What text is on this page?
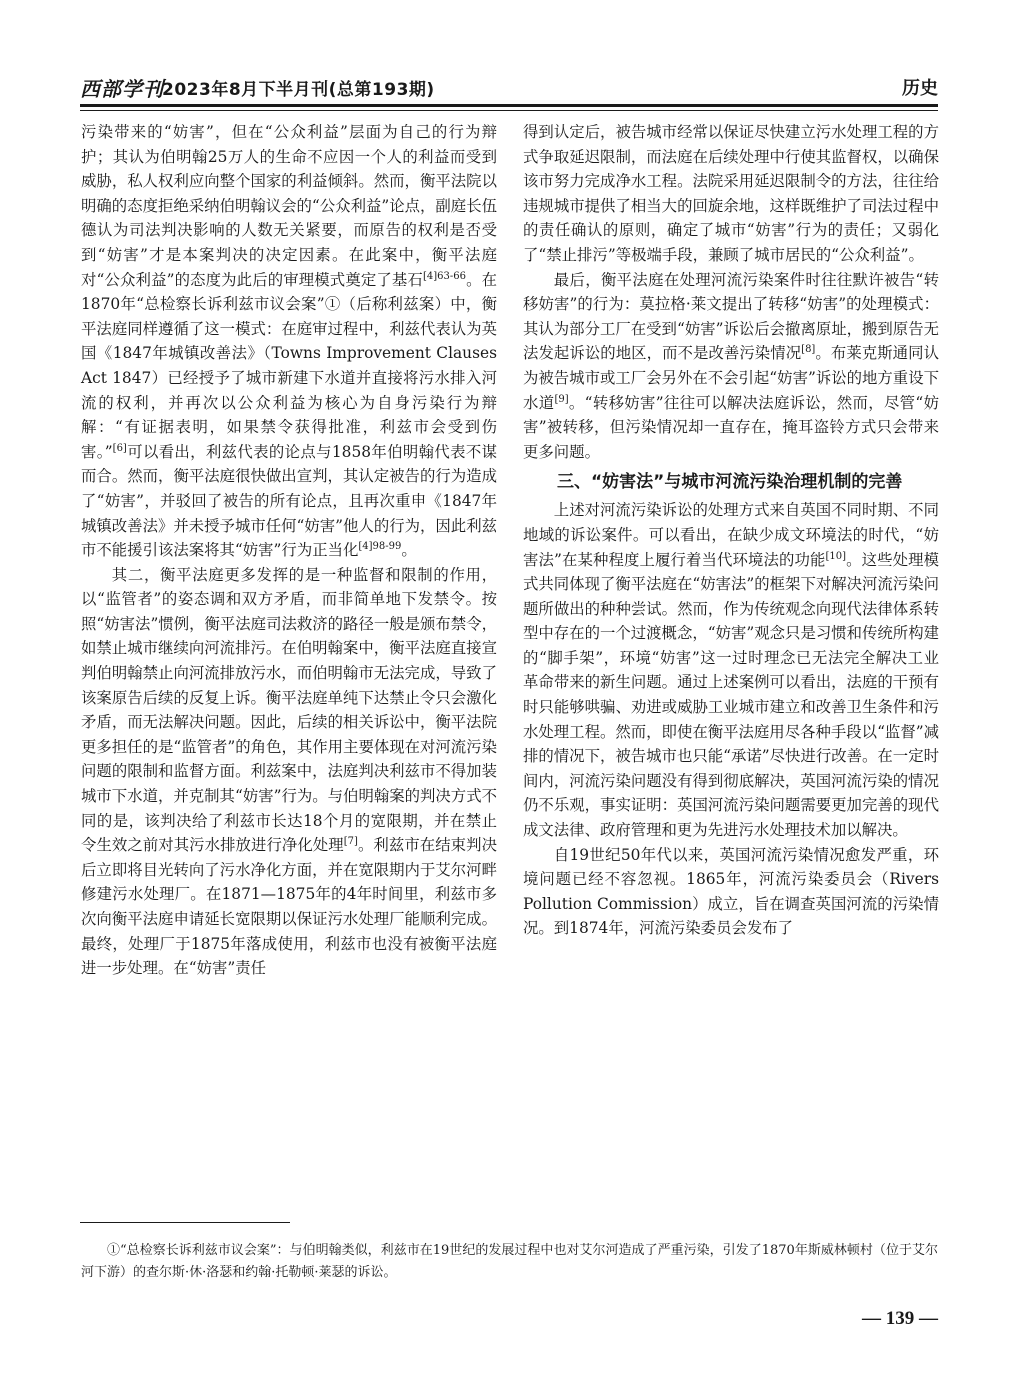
西部学刊
2023年8月下半月刊(总第193期)	历史

污染带来的“妨害”，但在“公众利益”层面为自己的行为辩护；其认为伯明翰25万人的生命不应因一个人的利益而受到威胁，私人权利应向整个国家的利益倾斜。然而，衡平法院以明确的态度拒绝采纳伯明翰议会的“公众利益”论点，副庭长伍德认为司法判决影响的人数无关紧要，而原告的权利是否受到“妨害”才是本案判决的决定因素。在此案中，衡平法庭对“公众利益”的态度为此后的审理模式奠定了基石$^{[4]63-66}$。在1870年“总检察长诉利兹市议会案”①（后称利兹案）中，衡平法庭同样遵循了这一模式：在庭审过程中，利兹代表认为英国《1847年城镇改善法》（Towns Improvement Clauses Act 1847）已经授予了城市新建下水道并直接将污水排入河流的权利，并再次以公众利益为核心为自身污染行为辩解：“有证据表明，如果禁令获得批准，利兹市会受到伤害。”[6]可以看出，利兹代表的论点与1858年伯明翰代表不谋而合。然而，衡平法庭很快做出宣判，其认定被告的行为造成了“妨害”，并驳回了被告的所有论点，且再次重申《1847年城镇改善法》并未授予城市任何“妨害”他人的行为，因此利兹市不能援引该法案将其“妨害”行为正当化$^{[4]98-99}$。

其二，衡平法庭更多发挥的是一种监督和限制的作用，以“监管者”的姿态调和双方矛盾，而非简单地下发禁令。按照“妨害法”惯例，衡平法庭司法救济的路径一般是颁布禁令，如禁止城市继续向河流排污。在伯明翰案中，衡平法庭直接宣判伯明翰禁止向河流排放污水，而伯明翰市无法完成，导致了该案原告后续的反复上诉。衡平法庭单纯下达禁止令只会激化矛盾，而无法解决问题。因此，后续的相关诉讼中，衡平法院更多担任的是“监管者”的角色，其作用主要体现在对河流污染问题的限制和监督方面。利兹案中，法庭判决利兹市不得加装城市下水道，并克制其“妨害”行为。与伯明翰案的判决方式不同的是，该判决给了利兹市长达18个月的宽限期，并在禁止令生效之前对其污水排放进行净化处理[7]。利兹市在结束判决后立即将目光转向了污水净化方面，并在宽限期内于艾尔河畔修建污水处理厂。在1871—1875年的4年时间里，利兹市多次向衡平法庭申请延长宽限期以保证污水处理厂能顺利完成。最终，处理厂于1875年落成使用，利兹市也没有被衡平法庭进一步处理。在“妨害”责任

得到认定后，被告城市经常以保证尽快建立污水处理工程的方式争取延迟限制，而法庭在后续处理中行使其监督权，以确保该市努力完成净水工程。法院采用延迟限制令的方法，往往给违规城市提供了相当大的回旋余地，这样既维护了司法过程中的责任确认的原则，确定了城市“妨害”行为的责任；又弱化了“禁止排污”等极端手段，兼顾了城市居民的“公众利益”。

最后，衡平法庭在处理河流污染案件时往往默许被告“转移妨害”的行为：莫拉格·莱文提出了转移“妨害”的处理模式：其认为部分工厂在受到“妨害”诉讼后会撤离原址，搬到原告无法发起诉讼的地区，而不是改善污染情况[8]。布莱克斯通同认为被告城市或工厂会另外在不会引起“妨害”诉讼的地方重设下水道[9]。“转移妨害”往往可以解决法庭诉讼，然而，尽管“妨害”被转移，但污染情况却一直存在，掩耳盗铃方式只会带来更多问题。

三、“妨害法”与城市河流污染治理机制的完善

上述对河流污染诉讼的处理方式来自英国不同时期、不同地域的诉讼案件。可以看出，在缺少成文环境法的时代，“妨害法”在某种程度上履行着当代环境法的功能[10]。这些处理模式共同体现了衡平法庭在“妨害法”的框架下对解决河流污染问题所做出的种种尝试。然而，作为传统观念向现代法律体系转型中存在的一个过渡概念，“妨害”观念只是习惯和传统所构建的“脚手架”，环境“妨害”这一过时理念已无法完全解决工业革命带来的新生问题。通过上述案例可以看出，法庭的干预有时只能够哄骗、劝进或威胁工业城市建立和改善卫生条件和污水处理工程。然而，即使在衡平法庭用尽各种手段以“监督”减排的情况下，被告城市也只能“承诺”尽快进行改善。在一定时间内，河流污染问题没有得到彻底解决，英国河流污染的情况仍不乐观，事实证明：英国河流污染问题需要更加完善的现代成文法律、政府管理和更为先进污水处理技术加以解决。

自19世纪50年代以来，英国河流污染情况愈发严重，环境问题已经不容忽视。1865年，河流污染委员会（Rivers Pollution Commission）成立，旨在调查英国河流的污染情况。到1874年，河流污染委员会发布了

①“总检察长诉利兹市议会案”：与伯明翰类似，利兹市在19世纪的发展过程中也对艾尔河造成了严重污染，引发了1870年斯威林顿村（位于艾尔河下游）的查尔斯·休·洛瑟和约翰·托勒顿·莱瑟的诉讼。
— 139 —
